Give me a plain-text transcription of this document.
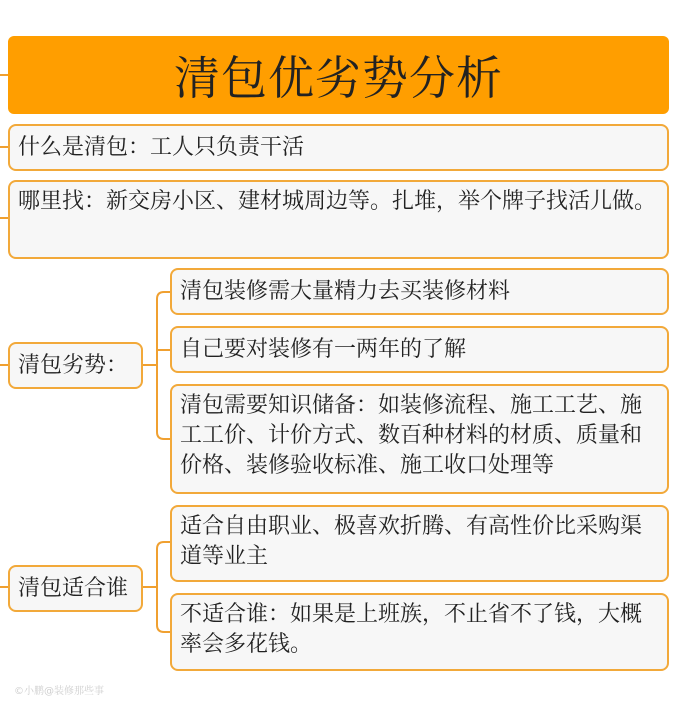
清包优劣势分析
什么是清包：工人只负责干活
哪里找：新交房小区、建材城周边等。扎堆，举个牌子找活儿做。
清包劣势：
清包装修需大量精力去买装修材料
自己要对装修有一两年的了解
清包需要知识储备：如装修流程、施工工艺、施工工价、计价方式、数百种材料的材质、质量和价格、装修验收标准、施工收口处理等
清包适合谁
适合自由职业、极喜欢折腾、有高性价比采购渠道等业主
不适合谁：如果是上班族，不止省不了钱，大概率会多花钱。
©小鹏@装修那些事
